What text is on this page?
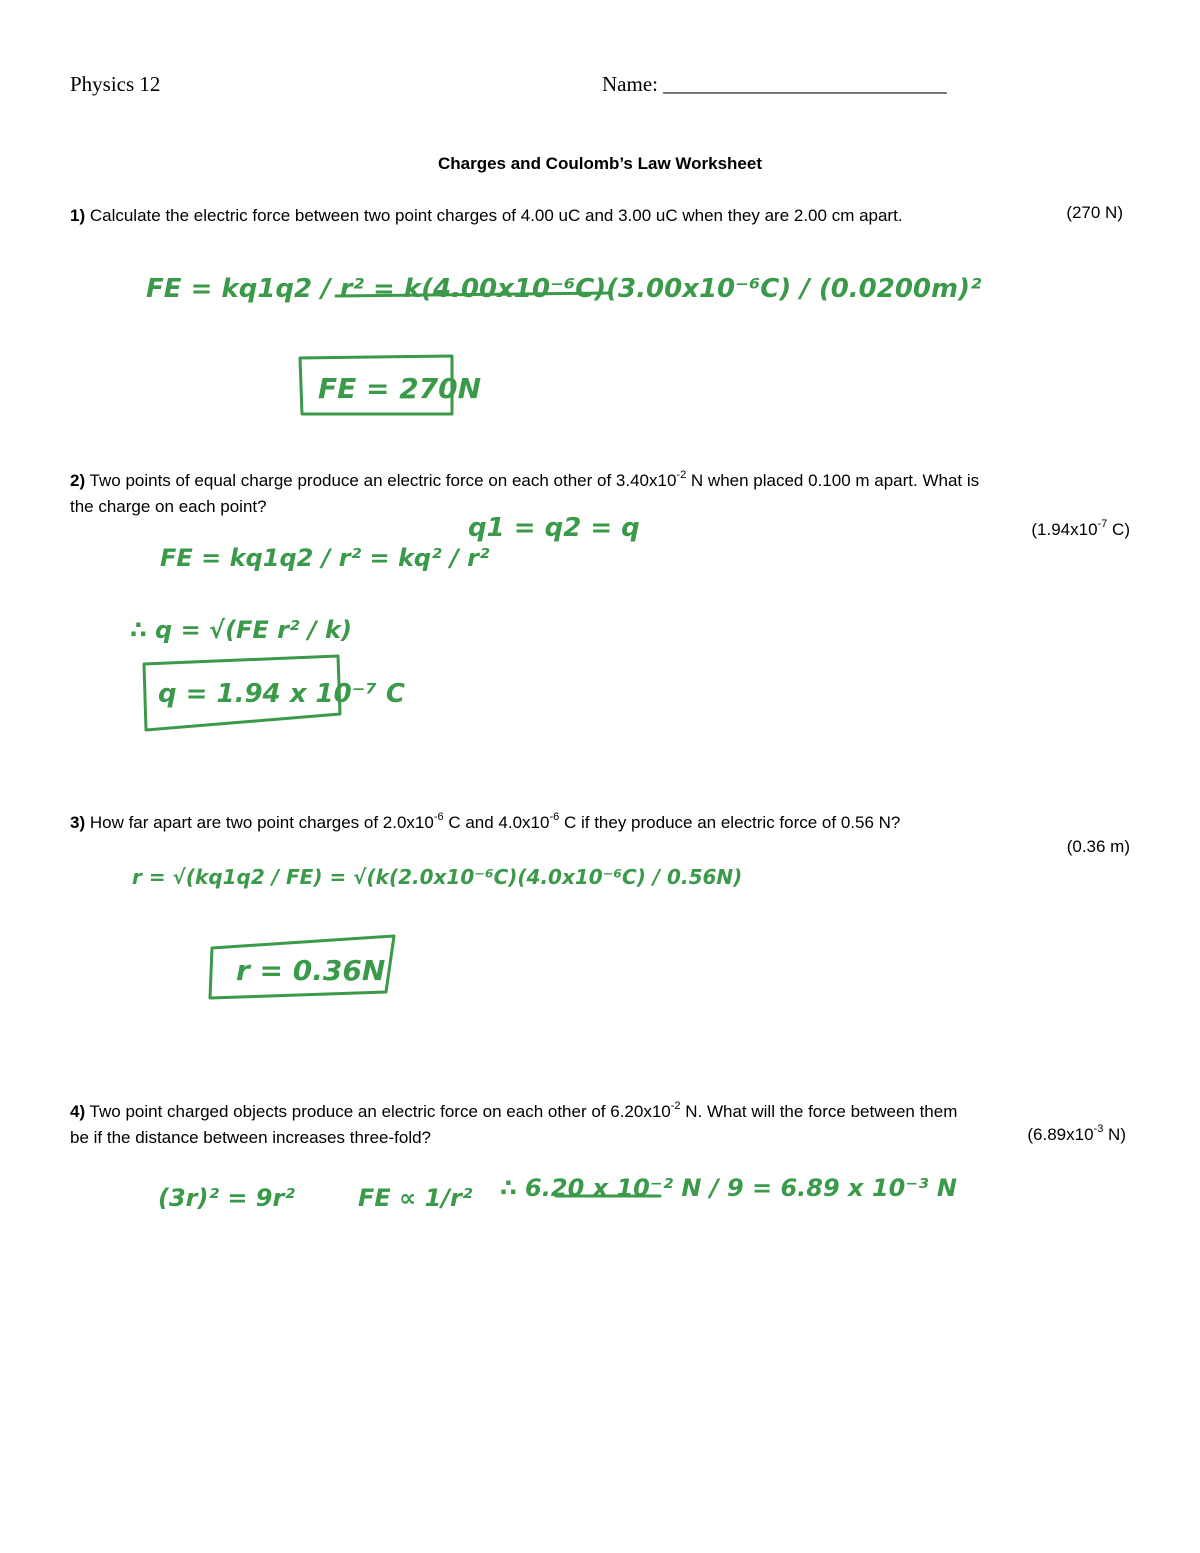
Physics 12	Name: ___________________________
Charges and Coulomb’s Law Worksheet
1) Calculate the electric force between two point charges of 4.00 uC and 3.00 uC when they are 2.00 cm apart.	(270 N)
2) Two points of equal charge produce an electric force on each other of $3.40x10^{-2}$ N when placed 0.100 m apart. What is
the charge on each point?
($1.94x10^{-7}$ C)
3) How far apart are two point charges of $2.0x10^{-6}$ C and $4.0x10^{-6}$ C if they produce an electric force of 0.56 N?
(0.36 m)
4) Two point charged objects produce an electric force on each other of $6.20x10^{-2}$ N. What will the force between them
be if the distance between increases three-fold?	($6.89x10^{-3}$ N)
FE = kq1q2 / r² = k(4.00x10⁻⁶C)(3.00x10⁻⁶C) / (0.0200m)²
FE = 270N
q1 = q2 = q
FE = kq1q2 / r² = kq² / r²
∴ q = √(FE r² / k)
q = 1.94 x 10⁻⁷ C
r = √(kq1q2 / FE) = √(k(2.0x10⁻⁶C)(4.0x10⁻⁶C) / 0.56N)
r = 0.36N
(3r)² = 9r²	FE ∝ 1/r² ∴ 6.20 x 10⁻² N / 9 = 6.89 x 10⁻³ N
